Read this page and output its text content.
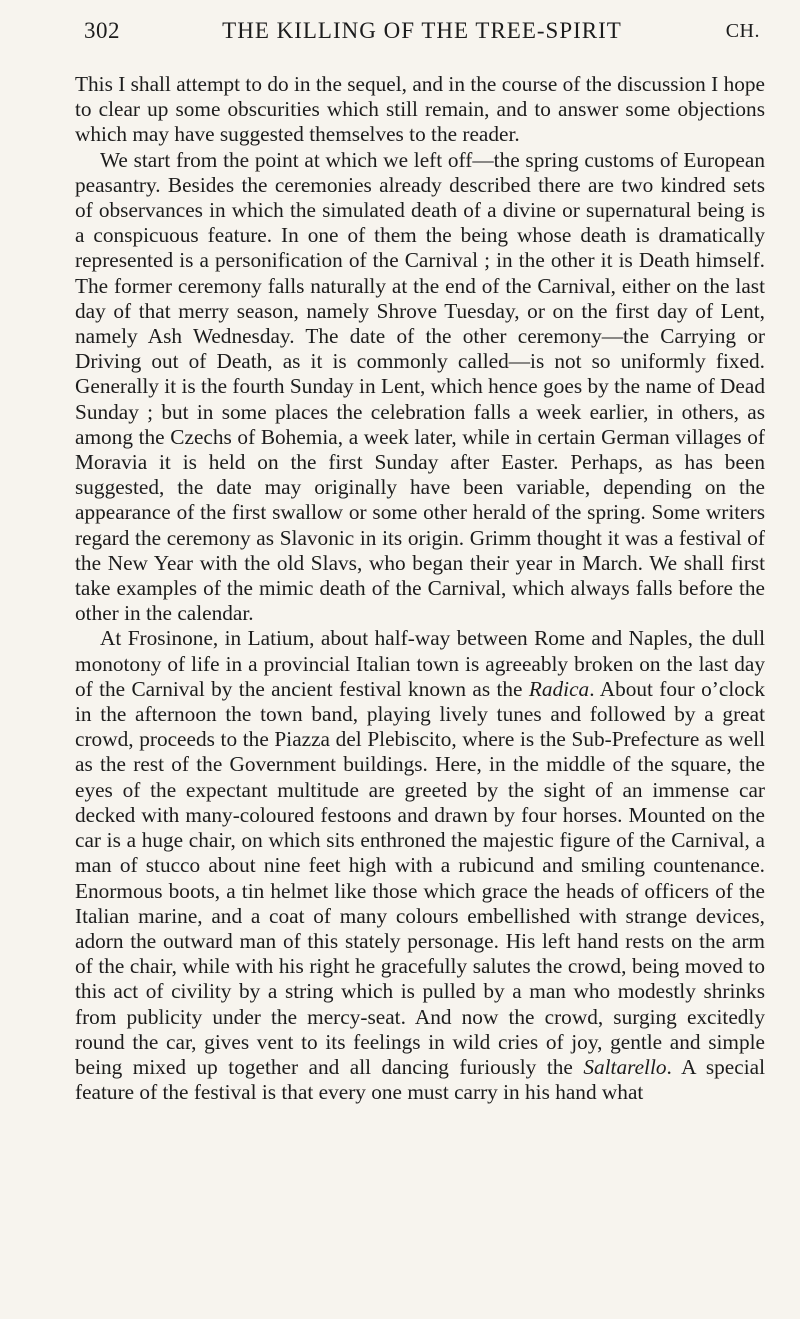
302	THE KILLING OF THE TREE-SPIRIT	CH.

This I shall attempt to do in the sequel, and in the course of the discussion I hope to clear up some obscurities which still remain, and to answer some objections which may have suggested themselves to the reader.

We start from the point at which we left off—the spring customs of European peasantry. Besides the ceremonies already described there are two kindred sets of observances in which the simulated death of a divine or supernatural being is a conspicuous feature. In one of them the being whose death is dramatically represented is a personification of the Carnival ; in the other it is Death himself. The former ceremony falls naturally at the end of the Carnival, either on the last day of that merry season, namely Shrove Tuesday, or on the first day of Lent, namely Ash Wednesday. The date of the other ceremony—the Carrying or Driving out of Death, as it is commonly called—is not so uniformly fixed. Generally it is the fourth Sunday in Lent, which hence goes by the name of Dead Sunday ; but in some places the celebration falls a week earlier, in others, as among the Czechs of Bohemia, a week later, while in certain German villages of Moravia it is held on the first Sunday after Easter. Perhaps, as has been suggested, the date may originally have been variable, depending on the appearance of the first swallow or some other herald of the spring. Some writers regard the ceremony as Slavonic in its origin. Grimm thought it was a festival of the New Year with the old Slavs, who began their year in March. We shall first take examples of the mimic death of the Carnival, which always falls before the other in the calendar.

At Frosinone, in Latium, about half-way between Rome and Naples, the dull monotony of life in a provincial Italian town is agreeably broken on the last day of the Carnival by the ancient festival known as the Radica. About four o’clock in the afternoon the town band, playing lively tunes and followed by a great crowd, proceeds to the Piazza del Plebiscito, where is the Sub-Prefecture as well as the rest of the Government buildings. Here, in the middle of the square, the eyes of the expectant multitude are greeted by the sight of an immense car decked with many-coloured festoons and drawn by four horses. Mounted on the car is a huge chair, on which sits enthroned the majestic figure of the Carnival, a man of stucco about nine feet high with a rubicund and smiling countenance. Enormous boots, a tin helmet like those which grace the heads of officers of the Italian marine, and a coat of many colours embellished with strange devices, adorn the outward man of this stately personage. His left hand rests on the arm of the chair, while with his right he gracefully salutes the crowd, being moved to this act of civility by a string which is pulled by a man who modestly shrinks from publicity under the mercy-seat. And now the crowd, surging excitedly round the car, gives vent to its feelings in wild cries of joy, gentle and simple being mixed up together and all dancing furiously the Saltarello. A special feature of the festival is that every one must carry in his hand what
